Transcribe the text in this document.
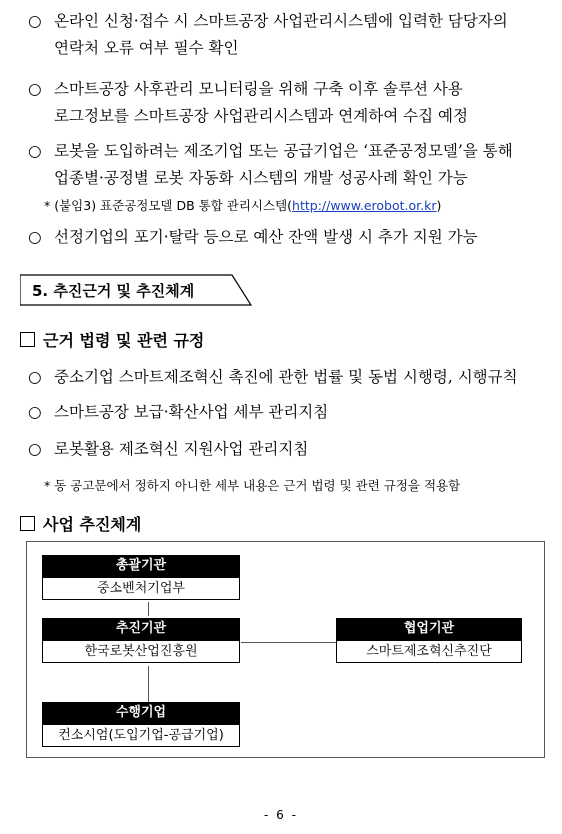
○ 온라인 신청·접수 시 스마트공장 사업관리시스템에 입력한 담당자의
연락처 오류 여부 필수 확인
○ 스마트공장 사후관리 모니터링을 위해 구축 이후 솔루션 사용
로그정보를 스마트공장 사업관리시스템과 연계하여 수집 예정
○ 로봇을 도입하려는 제조기업 또는 공급기업은 ‘표준공정모델’을 통해
업종별·공정별 로봇 자동화 시스템의 개발 성공사례 확인 가능
* (붙임3) 표준공정모델 DB 통합 관리시스템(http://www.erobot.or.kr)
○ 선정기업의 포기·탈락 등으로 예산 잔액 발생 시 추가 지원 가능
5. 추진근거 및 추진체계
근거 법령 및 관련 규정
○ 중소기업 스마트제조혁신 촉진에 관한 법률 및 동법 시행령, 시행규칙
○ 스마트공장 보급·확산사업 세부 관리지침
○ 로봇활용 제조혁신 지원사업 관리지침
* 동 공고문에서 정하지 아니한 세부 내용은 근거 법령 및 관련 규정을 적용함
사업 추진체계
총괄기관
중소벤처기업부
추진기관
한국로봇산업진흥원
협업기관
스마트제조혁신추진단
수행기업
컨소시엄(도입기업-공급기업)
- 6 -
